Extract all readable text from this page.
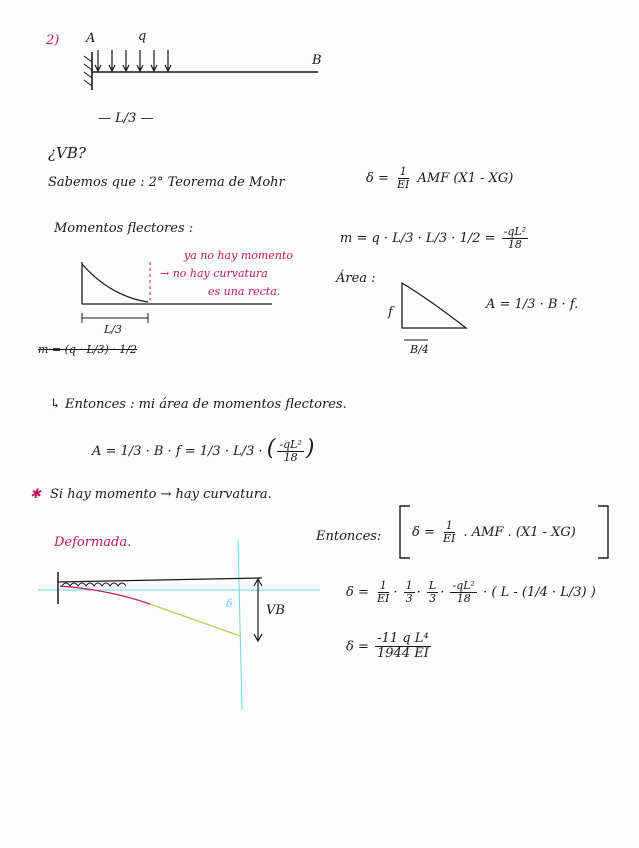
2) A	q
B
— L/3 —
¿VB?
Sabemos que : 2° Teorema de Mohr	$\delta = \frac{1}{EI}$ AMF (X1 - XG)
Momentos flectores :
$m = q \cdot L/3 \cdot L/3 \cdot 1/2 = \frac{\text{-qL²}}{18}$
ya no hay momento
→ no hay curvatura
es una recta.
Área :
f
A = 1/3 · B · f.
B/4
L/3
m = (q · L/3) · 1/2
↳ Entonces : mi área de momentos flectores.
A = 1/3 · B · f = 1/3 · L/3 · ( $\frac{\text{-qL²}}{18}$ )
✱ Si hay momento → hay curvatura.
Deformada.	Entonces: $\delta = \frac{1}{EI}$ . AMF . (X1 - XG)
$\delta = \frac{1}{EI} \cdot \frac{1}{3} \cdot \frac{L}{3} \cdot \frac{\text{-qL²}}{18}$ · ( L - (1/4 · L/3) )
$\delta = \frac{\text{-11 q L⁴}}{1944 EI}$
δ	VB
